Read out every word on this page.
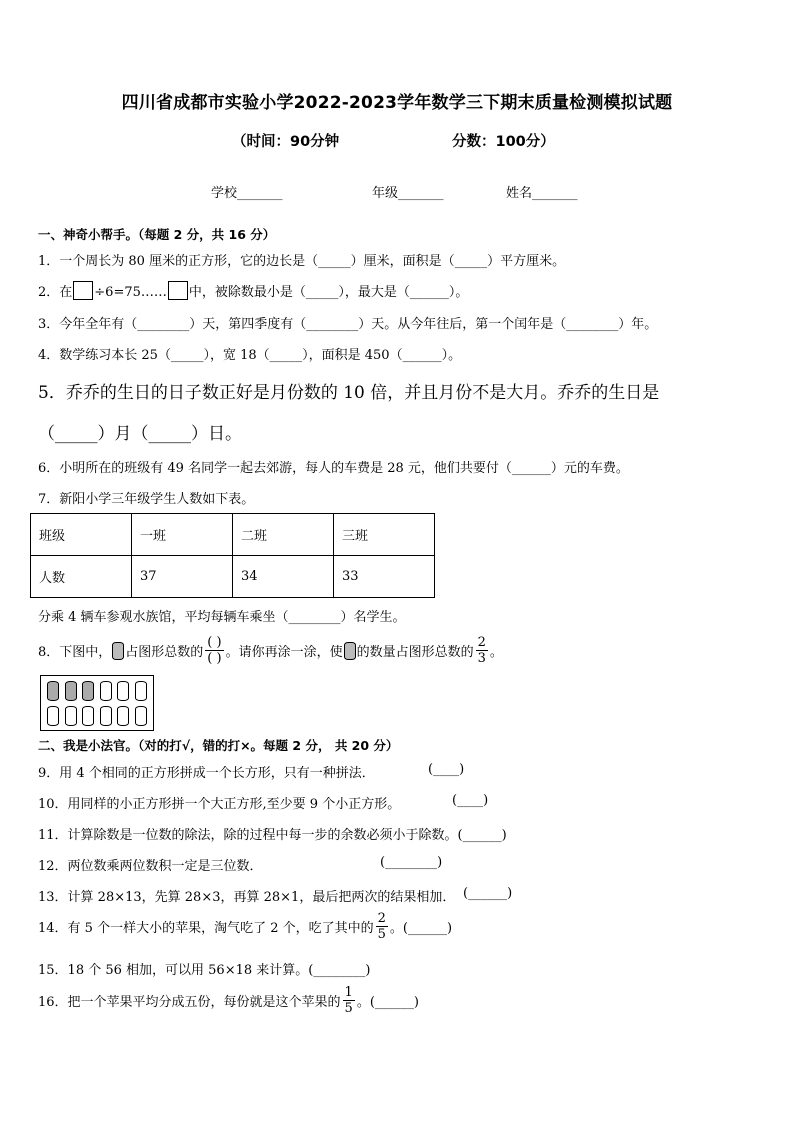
四川省成都市实验小学2022-2023学年数学三下期末质量检测模拟试题
（时间：90分钟	分数：100分）
学校_______	年级_______	姓名_______
一、神奇小帮手。（每题 2 分，共 16 分）
1．一个周长为 80 厘米的正方形，它的边长是（_____）厘米，面积是（_____）平方厘米。
2．在 ÷6=75…… 中，被除数最小是（_____），最大是（______）。
3．今年全年有（________）天，第四季度有（________）天。从今年往后，第一个闰年是（________）年。
4．数学练习本长 25（_____），宽 18（_____），面积是 450（______）。
5．乔乔的生日的日子数正好是月份数的 10 倍，并且月份不是大月。乔乔的生日是
（_____）月（_____）日。
6．小明所在的班级有 49 名同学一起去郊游，每人的车费是 28 元，他们共要付（______）元的车费。
7．新阳小学三年级学生人数如下表。
班级	一班	二班	三班
人数	37	34	33
分乘 4 辆车参观水族馆，平均每辆车乘坐（________）名学生。
8．下图中， 占图形总数的 $\frac{( )}{( )}$ 。请你再涂一涂，使 的数量占图形总数的 $\frac{2}{3}$ 。
二、我是小法官。（对的打√，错的打×。每题 2 分， 共 20 分）
9．用 4 个相同的正方形拼成一个长方形，只有一种拼法．	(____)
10．用同样的小正方形拼一个大正方形,至少要 9 个小正方形。	(____)
11．计算除数是一位数的除法，除的过程中每一步的余数必须小于除数。(______)
12．两位数乘两位数积一定是三位数．	(________)
13．计算 28×13，先算 28×3，再算 28×1，最后把两次的结果相加． (______)
14．有 5 个一样大小的苹果，淘气吃了 2 个，吃了其中的 $\frac{2}{5}$ 。(______)
15．18 个 56 相加，可以用 56×18 来计算。(________)
16．把一个苹果平均分成五份，每份就是这个苹果的 $\frac{1}{5}$ 。(______)
